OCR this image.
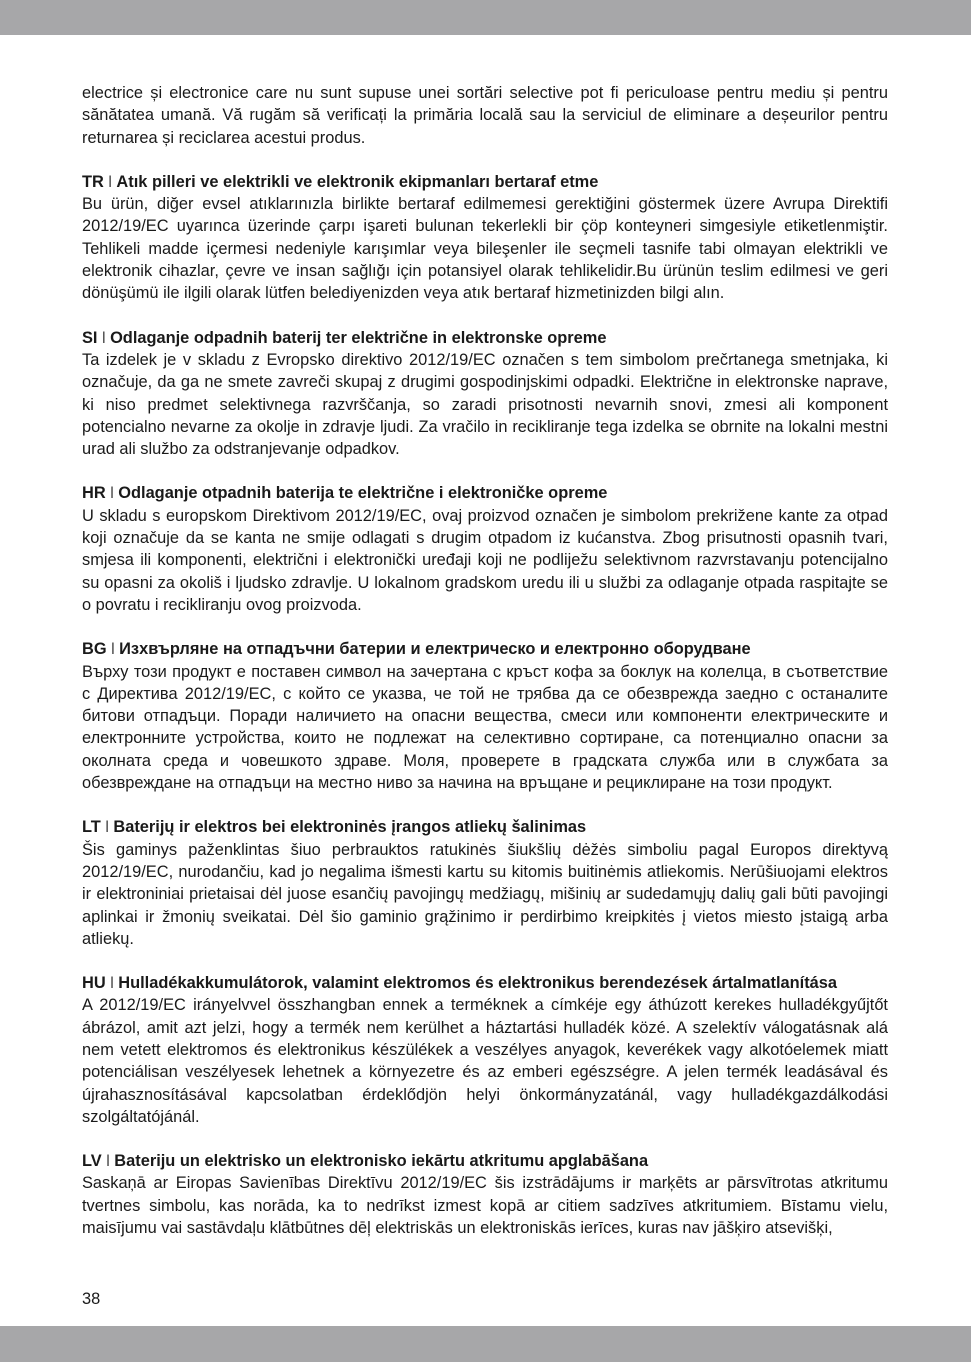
electrice și electronice care nu sunt supuse unei sortări selective pot fi periculoase pentru mediu și pentru sănătatea umană. Vă rugăm să verificați la primăria locală sau la serviciul de eliminare a deșeurilor pentru returnarea și reciclarea acestui produs.

TR I Atık pilleri ve elektrikli ve elektronik ekipmanları bertaraf etme

Bu ürün, diğer evsel atıklarınızla birlikte bertaraf edilmemesi gerektiğini göstermek üzere Avrupa Direktifi 2012/19/EC uyarınca üzerinde çarpı işareti bulunan tekerlekli bir çöp konteyneri simgesiyle etiketlenmiştir. Tehlikeli madde içermesi nedeniyle karışımlar veya bileşenler ile seçmeli tasnife tabi olmayan elektrikli ve elektronik cihazlar, çevre ve insan sağlığı için potansiyel olarak tehlikelidir.Bu ürünün teslim edilmesi ve geri dönüşümü ile ilgili olarak lütfen belediyenizden veya atık bertaraf hizmetinizden bilgi alın.

SI I Odlaganje odpadnih baterij ter električne in elektronske opreme

Ta izdelek je v skladu z Evropsko direktivo 2012/19/EC označen s tem simbolom prečrtanega smetnjaka, ki označuje, da ga ne smete zavreči skupaj z drugimi gospodinjskimi odpadki. Električne in elektronske naprave, ki niso predmet selektivnega razvrščanja, so zaradi prisotnosti nevarnih snovi, zmesi ali komponent potencialno nevarne za okolje in zdravje ljudi. Za vračilo in recikliranje tega izdelka se obrnite na lokalni mestni urad ali službo za odstranjevanje odpadkov.

HR I Odlaganje otpadnih baterija te električne i elektroničke opreme

U skladu s europskom Direktivom 2012/19/EC, ovaj proizvod označen je simbolom prekrižene kante za otpad koji označuje da se kanta ne smije odlagati s drugim otpadom iz kućanstva. Zbog prisutnosti opasnih tvari, smjesa ili komponenti, električni i elektronički uređaji koji ne podliježu selektivnom razvrstavanju potencijalno su opasni za okoliš i ljudsko zdravlje. U lokalnom gradskom uredu ili u službi za odlaganje otpada raspitajte se o povratu i recikliranju ovog proizvoda.

BG I Изхвърляне на отпадъчни батерии и електрическо и електронно оборудване

Върху този продукт е поставен символ на зачертана с кръст кофа за боклук на колелца, в съответствие с Директива 2012/19/EC, с който се указва, че той не трябва да се обезврежда заедно с останалите битови отпадъци. Поради наличието на опасни вещества, смеси или компоненти електрическите и електронните устройства, които не подлежат на селективно сортиране, са потенциално опасни за околната среда и човешкото здраве. Моля, проверете в градската служба или в службата за обезвреждане на отпадъци на местно ниво за начина на връщане и рециклиране на този продукт.

LT I Baterijų ir elektros bei elektroninės įrangos atliekų šalinimas

Šis gaminys paženklintas šiuo perbrauktos ratukinės šiukšlių dėžės simboliu pagal Europos direktyvą 2012/19/EC, nurodančiu, kad jo negalima išmesti kartu su kitomis buitinėmis atliekomis. Nerūšiuojami elektros ir elektroniniai prietaisai dėl juose esančių pavojingų medžiagų, mišinių ar sudedamųjų dalių gali būti pavojingi aplinkai ir žmonių sveikatai. Dėl šio gaminio grąžinimo ir perdirbimo kreipkitės į vietos miesto įstaigą arba atliekų.

HU I Hulladékakkumulátorok, valamint elektromos és elektronikus berendezések ártalmatlanítása

A 2012/19/EC irányelvvel összhangban ennek a terméknek a címkéje egy áthúzott kerekes hulladékgyűjtőt ábrázol, amit azt jelzi, hogy a termék nem kerülhet a háztartási hulladék közé. A szelektív válogatásnak alá nem vetett elektromos és elektronikus készülékek a veszélyes anyagok, keverékek vagy alkotóelemek miatt potenciálisan veszélyesek lehetnek a környezetre és az emberi egészségre. A jelen termék leadásával és újrahasznosításával kapcsolatban érdeklődjön helyi önkormányzatánál, vagy hulladékgazdálkodási szolgáltatójánál.

LV I Bateriju un elektrisko un elektronisko iekārtu atkritumu apglabāšana

Saskaņā ar Eiropas Savienības Direktīvu 2012/19/EC šis izstrādājums ir marķēts ar pārsvītrotas atkritumu tvertnes simbolu, kas norāda, ka to nedrīkst izmest kopā ar citiem sadzīves atkritumiem. Bīstamu vielu, maisījumu vai sastāvdaļu klātbūtnes dēļ elektriskās un elektroniskās ierīces, kuras nav jāšķiro atsevišķi,

38
